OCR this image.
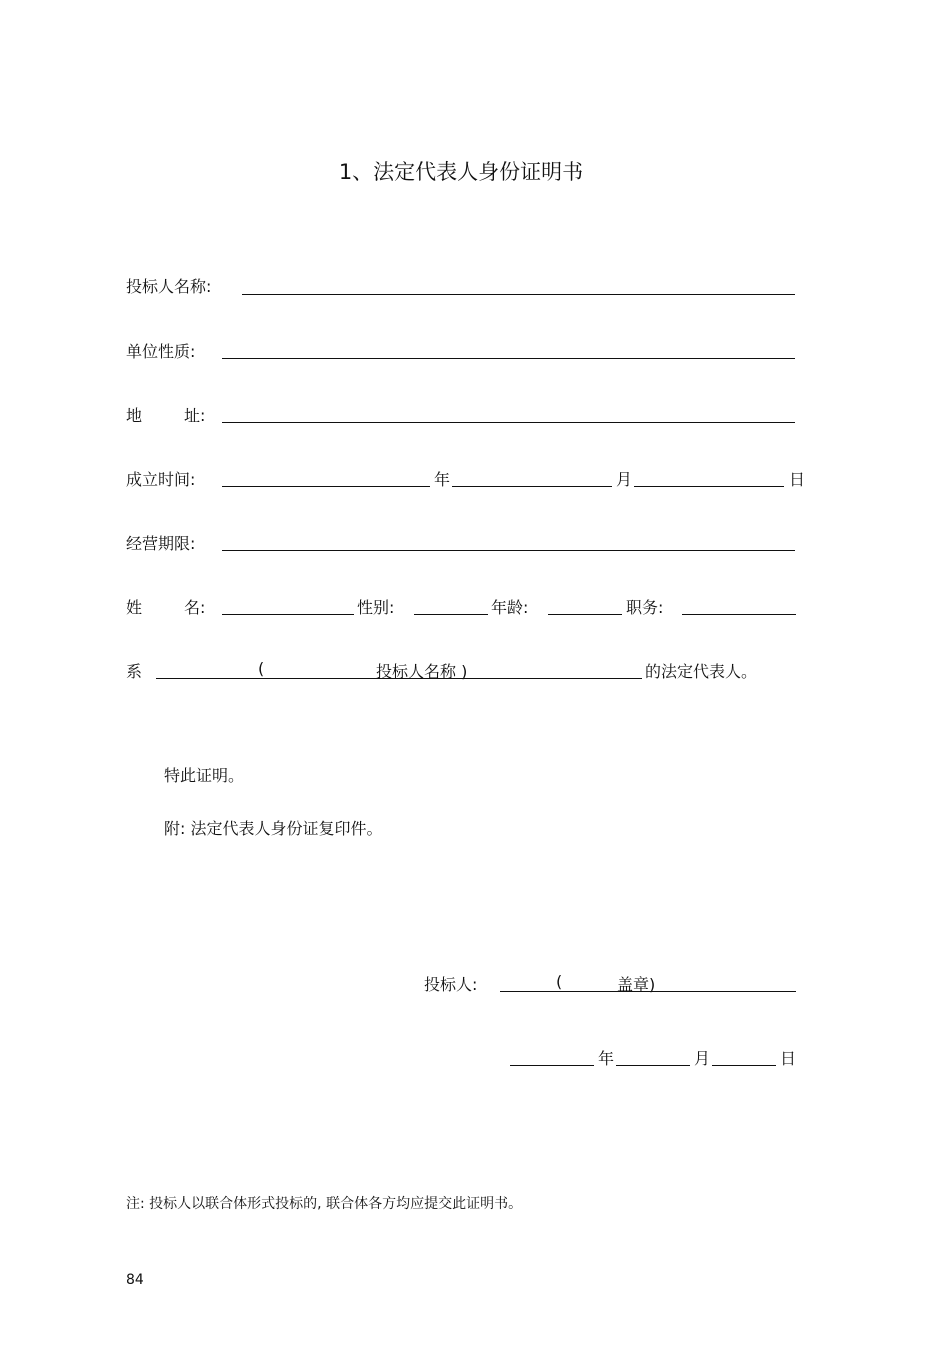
1、法定代表人身份证明书
投标人名称:
单位性质:
地	址:
成立时间:	年	月	日
经营期限:
姓	名:	性别:	年龄:	职务:
系	(	投标人名称 )	的法定代表人。
特此证明。
附: 法定代表人身份证复印件。
投标人:	(	盖章)
年	月	日
注: 投标人以联合体形式投标的, 联合体各方均应提交此证明书。
84
